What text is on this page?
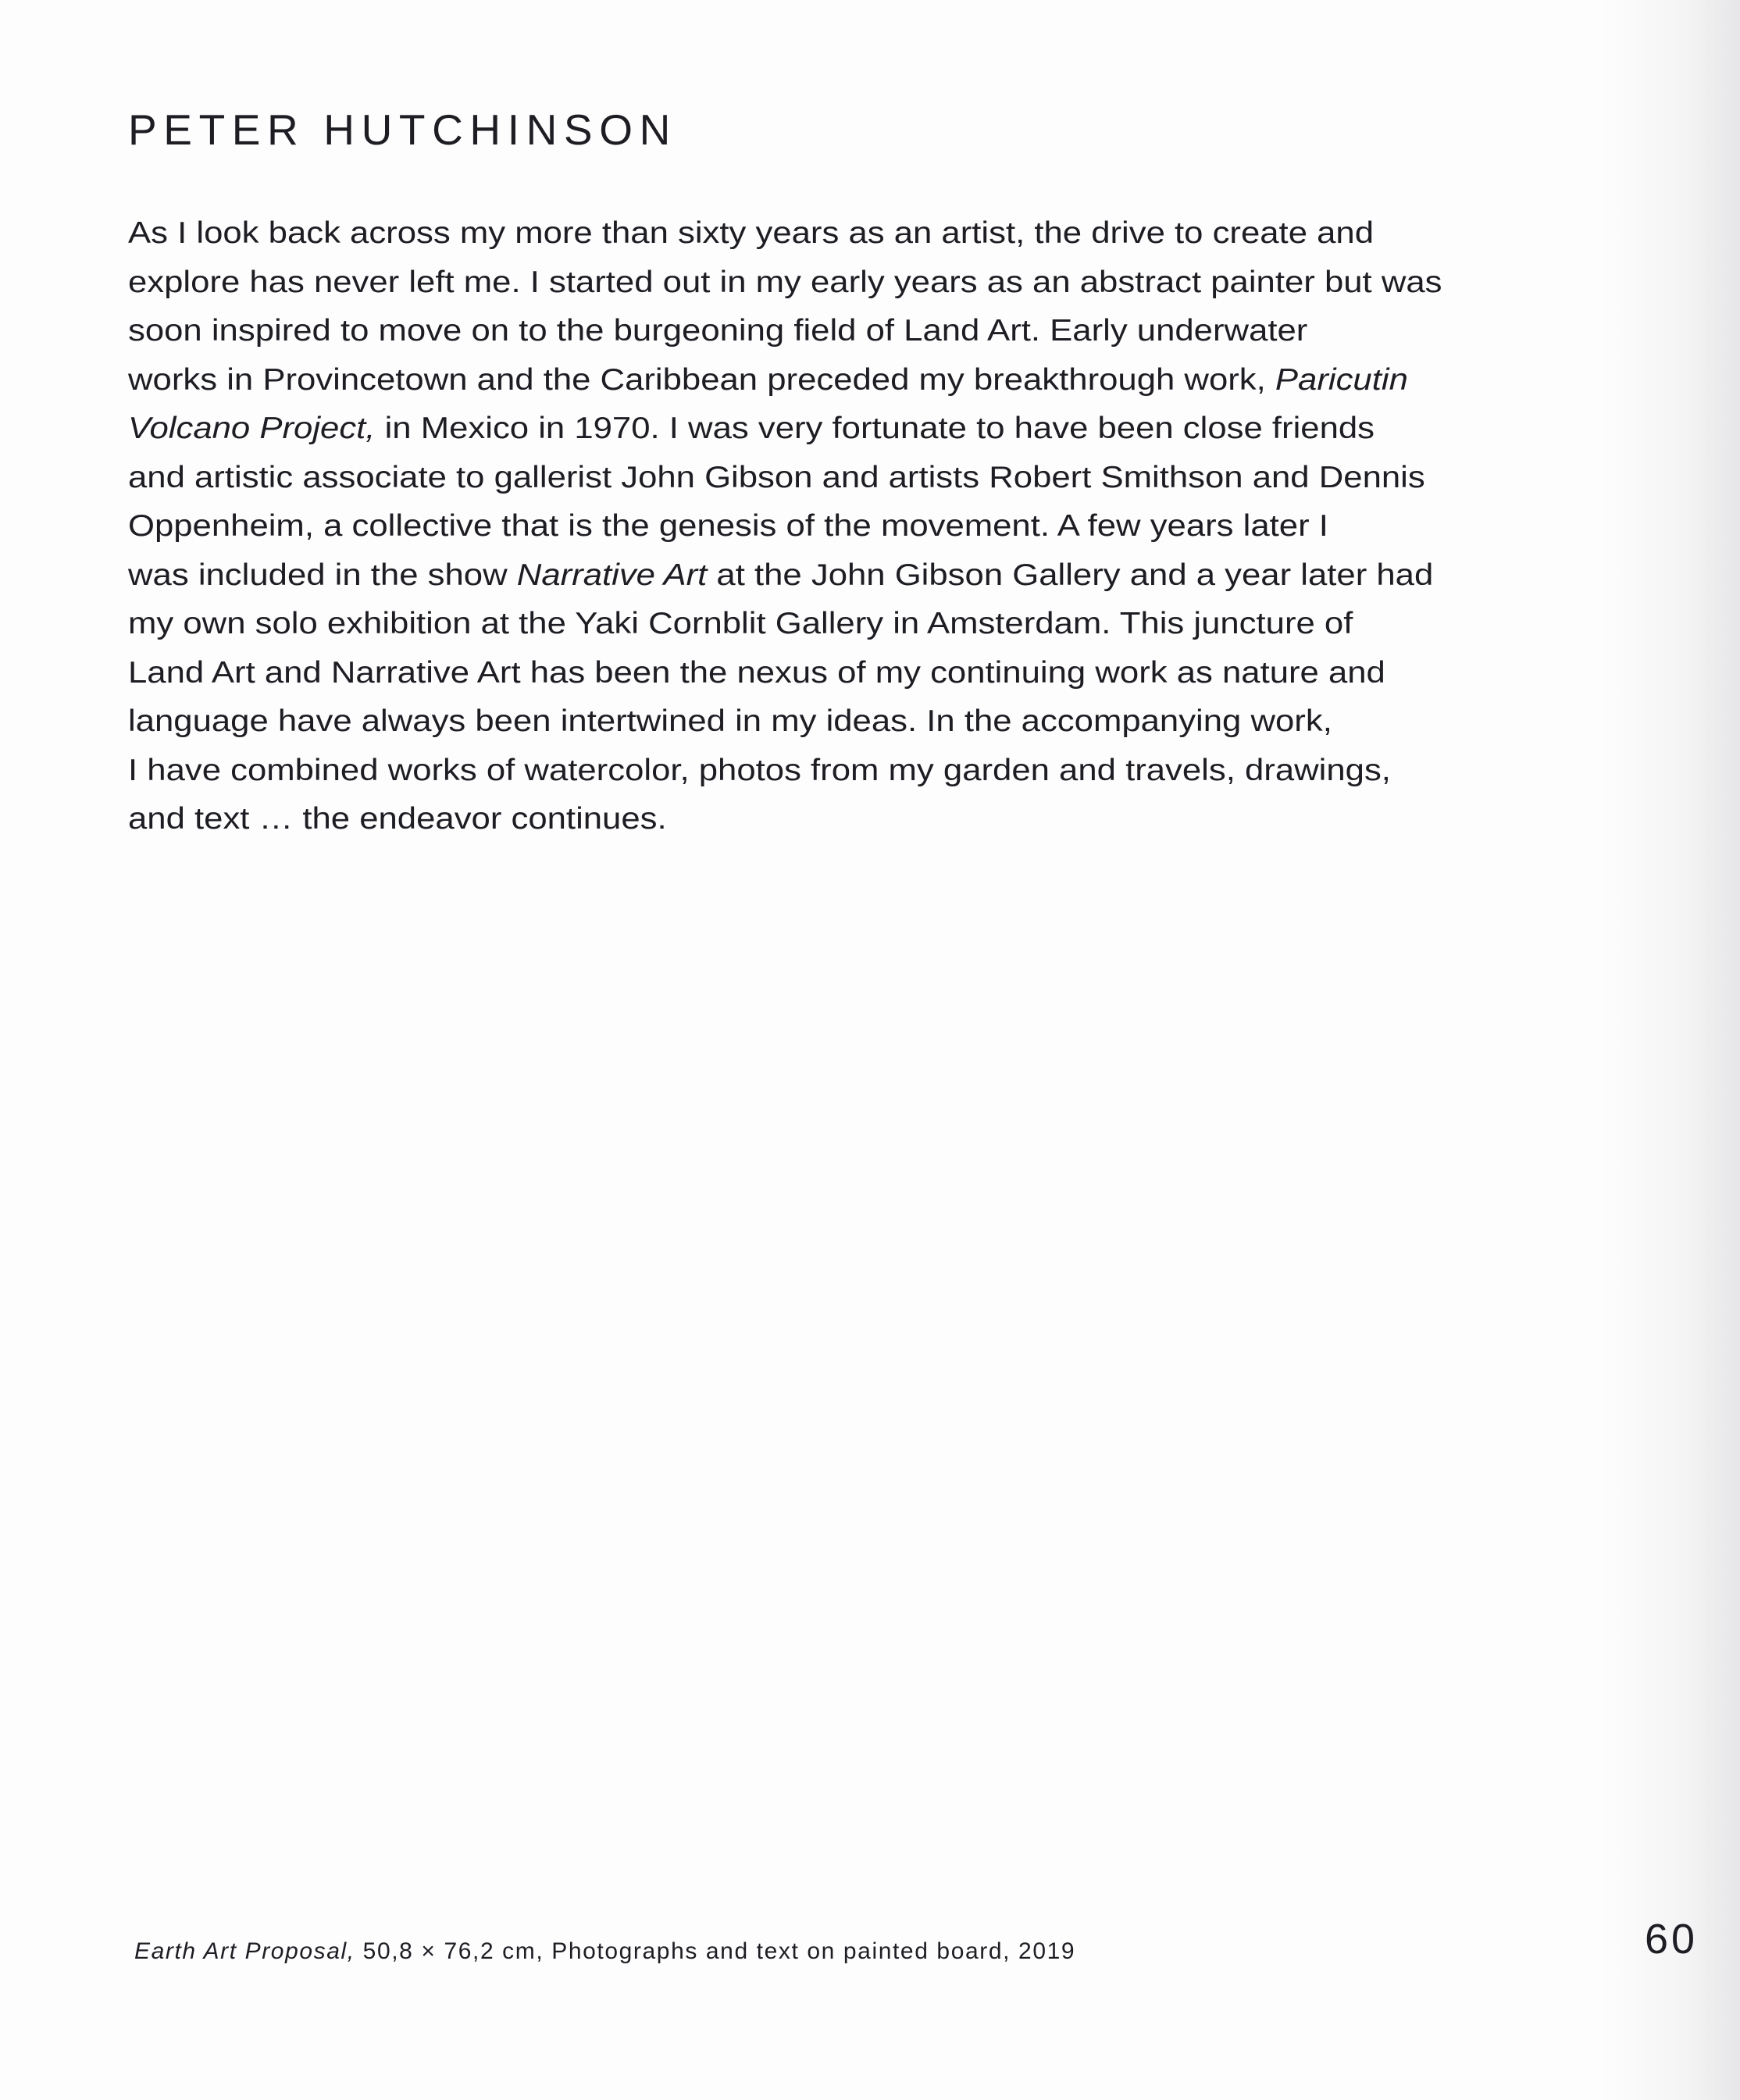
PETER HUTCHINSON
As I look back across my more than sixty years as an artist, the drive to create and
explore has never left me. I started out in my early years as an abstract painter but was
soon inspired to move on to the burgeoning field of Land Art. Early underwater
works in Provincetown and the Caribbean preceded my breakthrough work, Paricutin
Volcano Project, in Mexico in 1970. I was very fortunate to have been close friends
and artistic associate to gallerist John Gibson and artists Robert Smithson and Dennis
Oppenheim, a collective that is the genesis of the movement. A few years later I
was included in the show Narrative Art at the John Gibson Gallery and a year later had
my own solo exhibition at the Yaki Cornblit Gallery in Amsterdam. This juncture of
Land Art and Narrative Art has been the nexus of my continuing work as nature and
language have always been intertwined in my ideas. In the accompanying work,
I have combined works of watercolor, photos from my garden and travels, drawings,
and text … the endeavor continues.
Earth Art Proposal, 50,8 × 76,2 cm, Photographs and text on painted board, 2019	60
